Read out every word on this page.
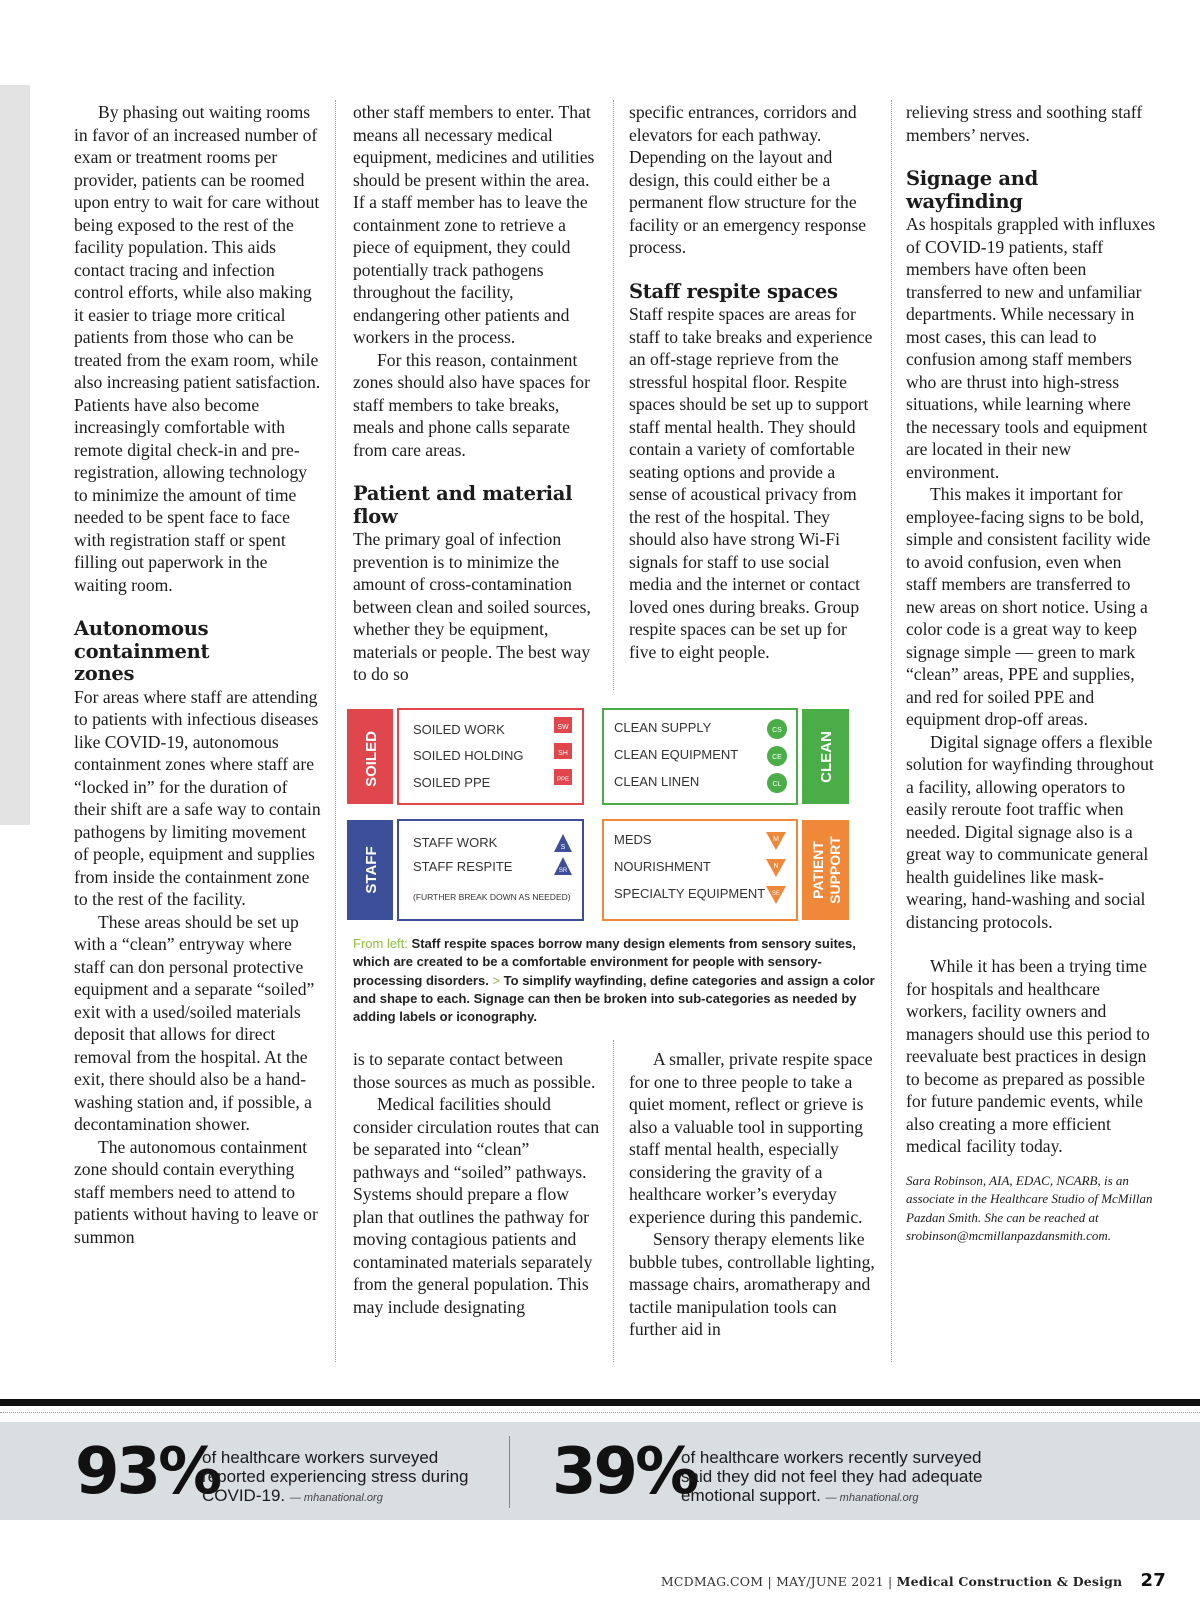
By phasing out waiting rooms in favor of an increased number of exam or treatment rooms per provider, patients can be roomed upon entry to wait for care without being exposed to the rest of the facility population. This aids contact tracing and infection control efforts, while also making it easier to triage more critical patients from those who can be treated from the exam room, while also increasing patient satisfaction. Patients have also become increasingly comfortable with remote digital check-in and pre-registration, allowing technology to minimize the amount of time needed to be spent face to face with registration staff or spent filling out paperwork in the waiting room.

Autonomous containment zones

For areas where staff are attending to patients with infectious diseases like COVID-19, autonomous containment zones where staff are “locked in” for the duration of their shift are a safe way to contain pathogens by limiting movement of people, equipment and supplies from inside the containment zone to the rest of the facility.

These areas should be set up with a “clean” entryway where staff can don personal protective equipment and a separate “soiled” exit with a used/soiled materials deposit that allows for direct removal from the hospital. At the exit, there should also be a hand-washing station and, if possible, a decontamination shower.

The autonomous containment zone should contain everything staff members need to attend to patients without having to leave or summon

other staff members to enter. That means all necessary medical equipment, medicines and utilities should be present within the area. If a staff member has to leave the containment zone to retrieve a piece of equipment, they could potentially track pathogens throughout the facility, endangering other patients and workers in the process.

For this reason, containment zones should also have spaces for staff members to take breaks, meals and phone calls separate from care areas.

Patient and material flow

The primary goal of infection prevention is to minimize the amount of cross-contamination between clean and soiled sources, whether they be equipment, materials or people. The best way to do so

is to separate contact between those sources as much as possible.

Medical facilities should consider circulation routes that can be separated into “clean” pathways and “soiled” pathways. Systems should prepare a flow plan that outlines the pathway for moving contagious patients and contaminated materials separately from the general population. This may include designating

specific entrances, corridors and elevators for each pathway. Depending on the layout and design, this could either be a permanent flow structure for the facility or an emergency response process.

Staff respite spaces

Staff respite spaces are areas for staff to take breaks and experience an off-stage reprieve from the stressful hospital floor. Respite spaces should be set up to support staff mental health. They should contain a variety of comfortable seating options and provide a sense of acoustical privacy from the rest of the hospital. They should also have strong Wi-Fi signals for staff to use social media and the internet or contact loved ones during breaks. Group respite spaces can be set up for five to eight people.

A smaller, private respite space for one to three people to take a quiet moment, reflect or grieve is also a valuable tool in supporting staff mental health, especially considering the gravity of a healthcare worker’s everyday experience during this pandemic.

Sensory therapy elements like bubble tubes, controllable lighting, massage chairs, aromatherapy and tactile manipulation tools can further aid in

relieving stress and soothing staff members’ nerves.

Signage and wayfinding

As hospitals grappled with influxes of COVID-19 patients, staff members have often been transferred to new and unfamiliar departments. While necessary in most cases, this can lead to confusion among staff members who are thrust into high-stress situations, while learning where the necessary tools and equipment are located in their new environment.

This makes it important for employee-facing signs to be bold, simple and consistent facility wide to avoid confusion, even when staff members are transferred to new areas on short notice. Using a color code is a great way to keep signage simple — green to mark “clean” areas, PPE and supplies, and red for soiled PPE and equipment drop-off areas.

Digital signage offers a flexible solution for wayfinding throughout a facility, allowing operators to easily reroute foot traffic when needed. Digital signage also is a great way to communicate general health guidelines like mask-wearing, hand-washing and social distancing protocols.

While it has been a trying time for hospitals and healthcare workers, facility owners and managers should use this period to reevaluate best practices in design to become as prepared as possible for future pandemic events, while also creating a more efficient medical facility today.

Sara Robinson, AIA, EDAC, NCARB, is an associate in the Healthcare Studio of McMillan Pazdan Smith. She can be reached at srobinson@mcmillanpazdansmith.com.

SOILED
SOILED WORK
SOILED HOLDING
SOILED PPE
SW
SH
PPE
CLEAN SUPPLY
CLEAN EQUIPMENT
CLEAN LINEN
CS
CE
CL
CLEAN
STAFF
STAFF WORK
STAFF RESPITE
(FURTHER BREAK DOWN AS NEEDED)
S
SR
MEDS
NOURISHMENT
SPECIALTY EQUIPMENT
M
N
SE PATIENT SUPPORT
From left: Staff respite spaces borrow many design elements from sensory suites, which are created to be a comfortable environment for people with sensory-processing disorders. > To simplify wayfinding, define categories and assign a color and shape to each. Signage can then be broken into sub-categories as needed by adding labels or iconography.
93%
of healthcare workers surveyed
reported experiencing stress during
COVID-19. — mhanational.org	39%
of healthcare workers recently surveyed
said they did not feel they had adequate
emotional support. — mhanational.org
MCDMAG.COM | MAY/JUNE 2021 | Medical Construction & Design 27
